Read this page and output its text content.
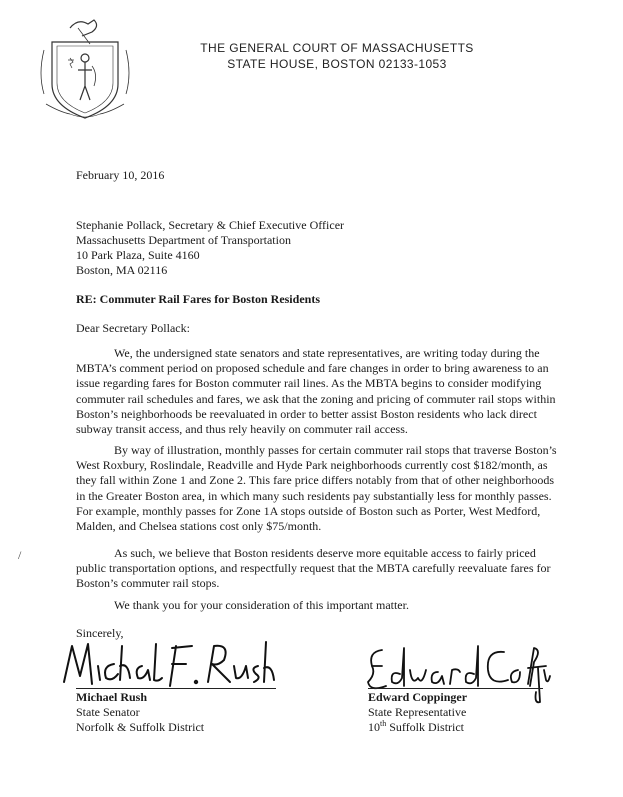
THE GENERAL COURT OF MASSACHUSETTS
STATE HOUSE, BOSTON 02133-1053
February 10, 2016
Stephanie Pollack, Secretary & Chief Executive Officer
Massachusetts Department of Transportation
10 Park Plaza, Suite 4160
Boston, MA 02116
RE: Commuter Rail Fares for Boston Residents
Dear Secretary Pollack:

We, the undersigned state senators and state representatives, are writing today during the MBTA’s comment period on proposed schedule and fare changes in order to bring awareness to an issue regarding fares for Boston commuter rail lines. As the MBTA begins to consider modifying commuter rail schedules and fares, we ask that the zoning and pricing of commuter rail stops within Boston’s neighborhoods be reevaluated in order to better assist Boston residents who lack direct subway transit access, and thus rely heavily on commuter rail access.

By way of illustration, monthly passes for certain commuter rail stops that traverse Boston’s West Roxbury, Roslindale, Readville and Hyde Park neighborhoods currently cost $182/month, as they fall within Zone 1 and Zone 2. This fare price differs notably from that of other neighborhoods in the Greater Boston area, in which many such residents pay substantially less for monthly passes. For example, monthly passes for Zone 1A stops outside of Boston such as Porter, West Medford, Malden, and Chelsea stations cost only $75/month.

As such, we believe that Boston residents deserve more equitable access to fairly priced public transportation options, and respectfully request that the MBTA carefully reevaluate fares for Boston’s commuter rail stops.

We thank you for your consideration of this important matter.

/
Sincerely,
Michael Rush
State Senator
Norfolk & Suffolk District
Edward Coppinger
State Representative
10th Suffolk District
